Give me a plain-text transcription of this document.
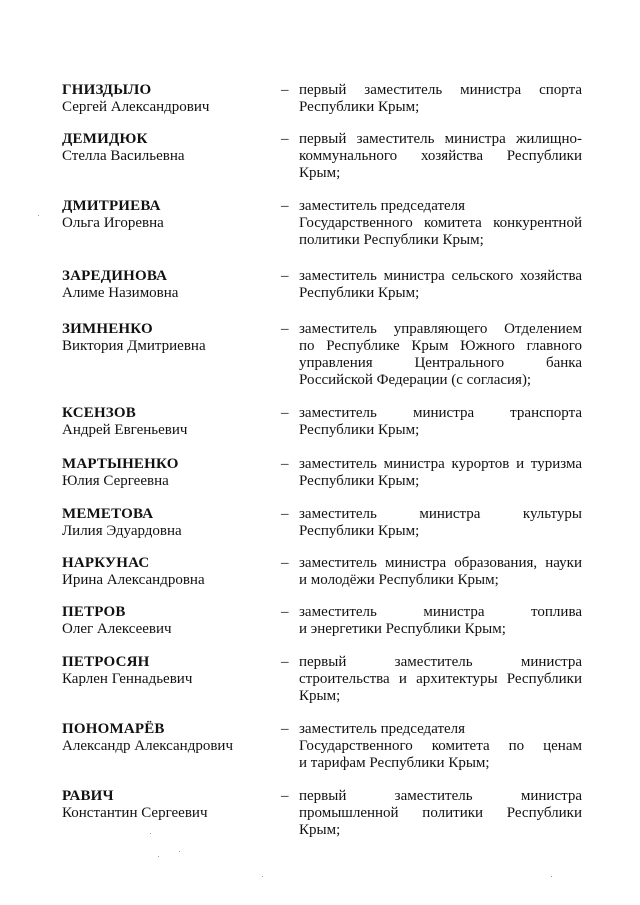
ГНИЗДЫЛО
Сергей Александрович
– первый заместитель министра спорта
Республики Крым;

ДЕМИДЮК
Стелла Васильевна
– первый заместитель министра жилищно-
коммунального хозяйства Республики
Крым;

ДМИТРИЕВА
Ольга Игоревна
– заместитель председателя
Государственного комитета конкурентной
политики Республики Крым;

ЗАРЕДИНОВА
Алиме Назимовна
– заместитель министра сельского хозяйства
Республики Крым;

ЗИМНЕНКО
Виктория Дмитриевна
– заместитель управляющего Отделением
по Республике Крым Южного главного
управления Центрального банка
Российской Федерации (с согласия);

КСЕНЗОВ
Андрей Евгеньевич
– заместитель министра транспорта
Республики Крым;

МАРТЫНЕНКО
Юлия Сергеевна
– заместитель министра курортов и туризма
Республики Крым;

МЕМЕТОВА
Лилия Эдуардовна
– заместитель министра культуры
Республики Крым;

НАРКУНАС
Ирина Александровна
– заместитель министра образования, науки
и молодёжи Республики Крым;

ПЕТРОВ
Олег Алексеевич
– заместитель министра топлива
и энергетики Республики Крым;

ПЕТРОСЯН
Карлен Геннадьевич
– первый заместитель министра
строительства и архитектуры Республики
Крым;

ПОНОМАРЁВ
Александр Александрович
– заместитель председателя
Государственного комитета по ценам
и тарифам Республики Крым;

РАВИЧ
Константин Сергеевич
– первый заместитель министра
промышленной политики Республики
Крым;
